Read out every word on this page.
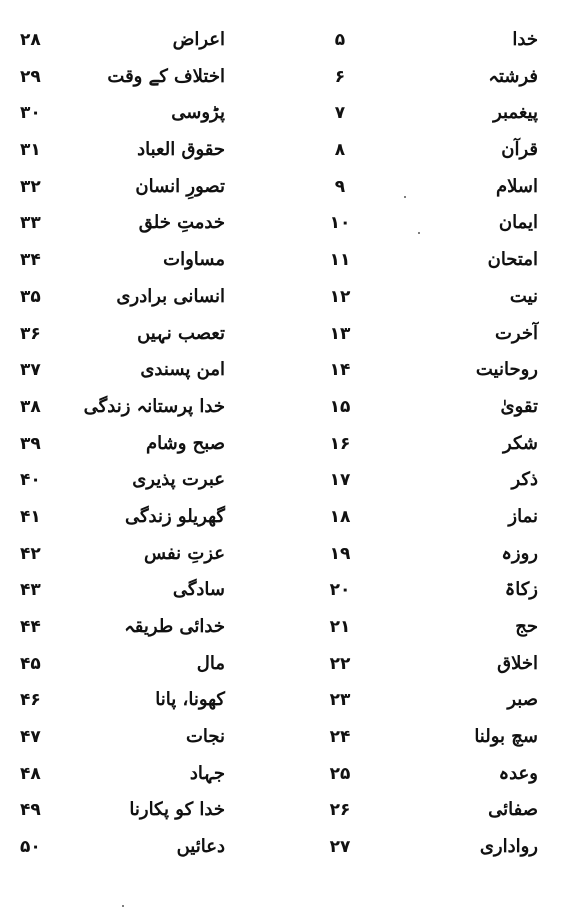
۲۸
۲۹
۳۰
۳۱
۳۲
۳۳
۳۴
۳۵
۳۶
۳۷
۳۸
۳۹
۴۰
۴۱
۴۲
۴۳
۴۴
۴۵
۴۶
۴۷
۴۸
۴۹
۵۰
اعراض
اختلاف کے وقت
پڑوسی
حقوق العباد
تصورِ انسان
خدمتِ خلق
مساوات
انسانی برادری
تعصب نہیں
امن پسندی
خدا پرستانہ زندگی
صبح وشام
عبرت پذیری
گھریلو زندگی
عزتِ نفس
سادگی
خدائی طریقہ
مال
کھونا، پانا
نجات
جہاد
خدا کو پکارنا
دعائیں
۵
۶
۷
۸
۹
۱۰
۱۱
۱۲
۱۳
۱۴
۱۵
۱۶
۱۷
۱۸
۱۹
۲۰
۲۱
۲۲
۲۳
۲۴
۲۵
۲۶
۲۷
خدا
فرشتہ
پیغمبر
قرآن
اسلام
ایمان
امتحان
نیت
آخرت
روحانیت
تقویٰ
شکر
ذکر
نماز
روزہ
زکاۃ
حج
اخلاق
صبر
سچ بولنا
وعدہ
صفائی
رواداری
